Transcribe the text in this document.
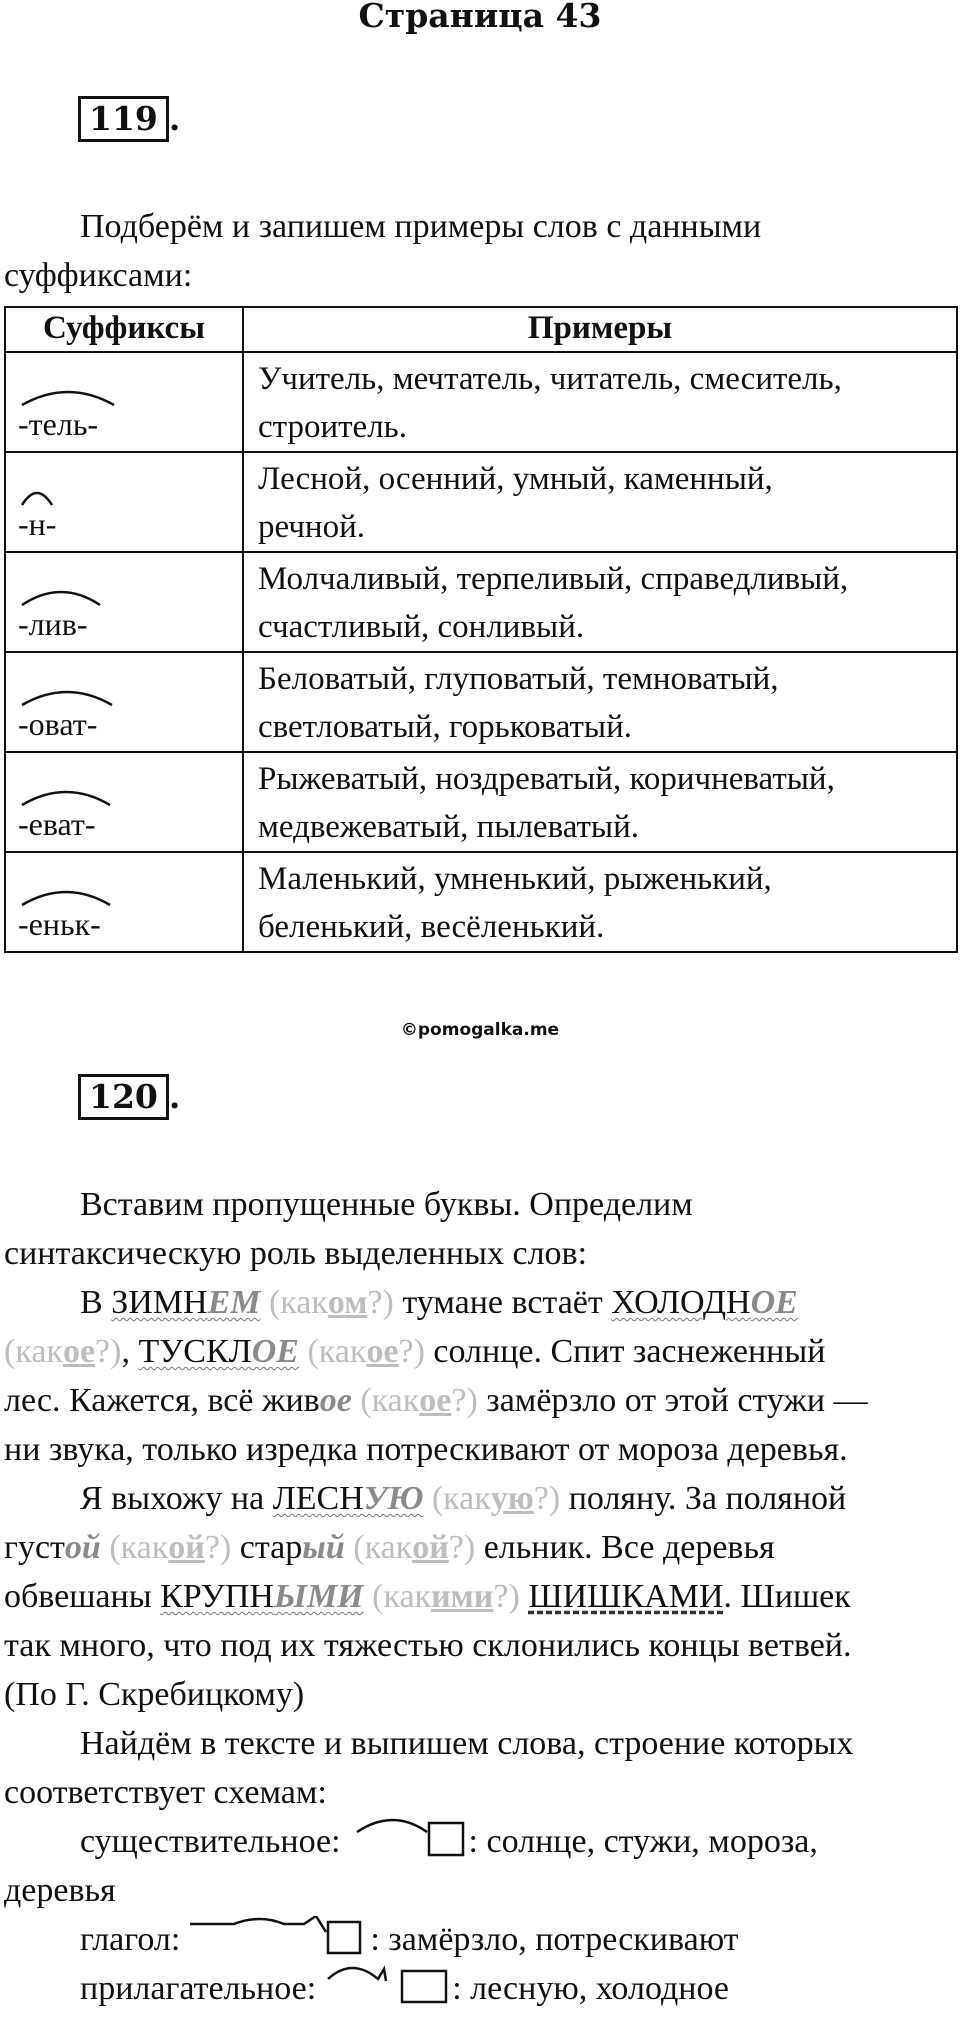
Страница 43
119 .
Подберём и запишем примеры слов с данными
суффиксами:
Суффиксы	Примеры

-тель-	Учитель, мечтатель, читатель, смеситель,
строитель.

-н-	Лесной, осенний, умный, каменный,
речной.

-лив-	Молчаливый, терпеливый, справедливый,
счастливый, сонливый.

-оват-	Беловатый, глуповатый, темноватый,
светловатый, горьковатый.

-еват-	Рыжеватый, ноздреватый, коричневатый,
медвежеватый, пылеватый.

-еньк-	Маленький, умненький, рыженький,
беленький, весёленький.
©pomogalka.me
120 .
Вставим пропущенные буквы. Определим
синтаксическую роль выделенных слов:
В ЗИМНЕМ (каком?) тумане встаёт ХОЛОДНОЕ
(какое?), ТУСКЛОЕ (какое?) солнце. Спит заснеженный
лес. Кажется, всё живое (какое?) замёрзло от этой стужи —
ни звука, только изредка потрескивают от мороза деревья.
Я выхожу на ЛЕСНУЮ (какую?) поляну. За поляной
густой (какой?) старый (какой?) ельник. Все деревья
обвешаны КРУПНЫМИ (какими?) ШИШКАМИ. Шишек
так много, что под их тяжестью склонились концы ветвей.
(По Г. Скребицкому)
Найдём в тексте и выпишем слова, строение которых
соответствует схемам:
существительное:	: солнце, стужи, мороза,
деревья
глагол:	: замёрзло, потрескивают
прилагательное:	: лесную, холодное
